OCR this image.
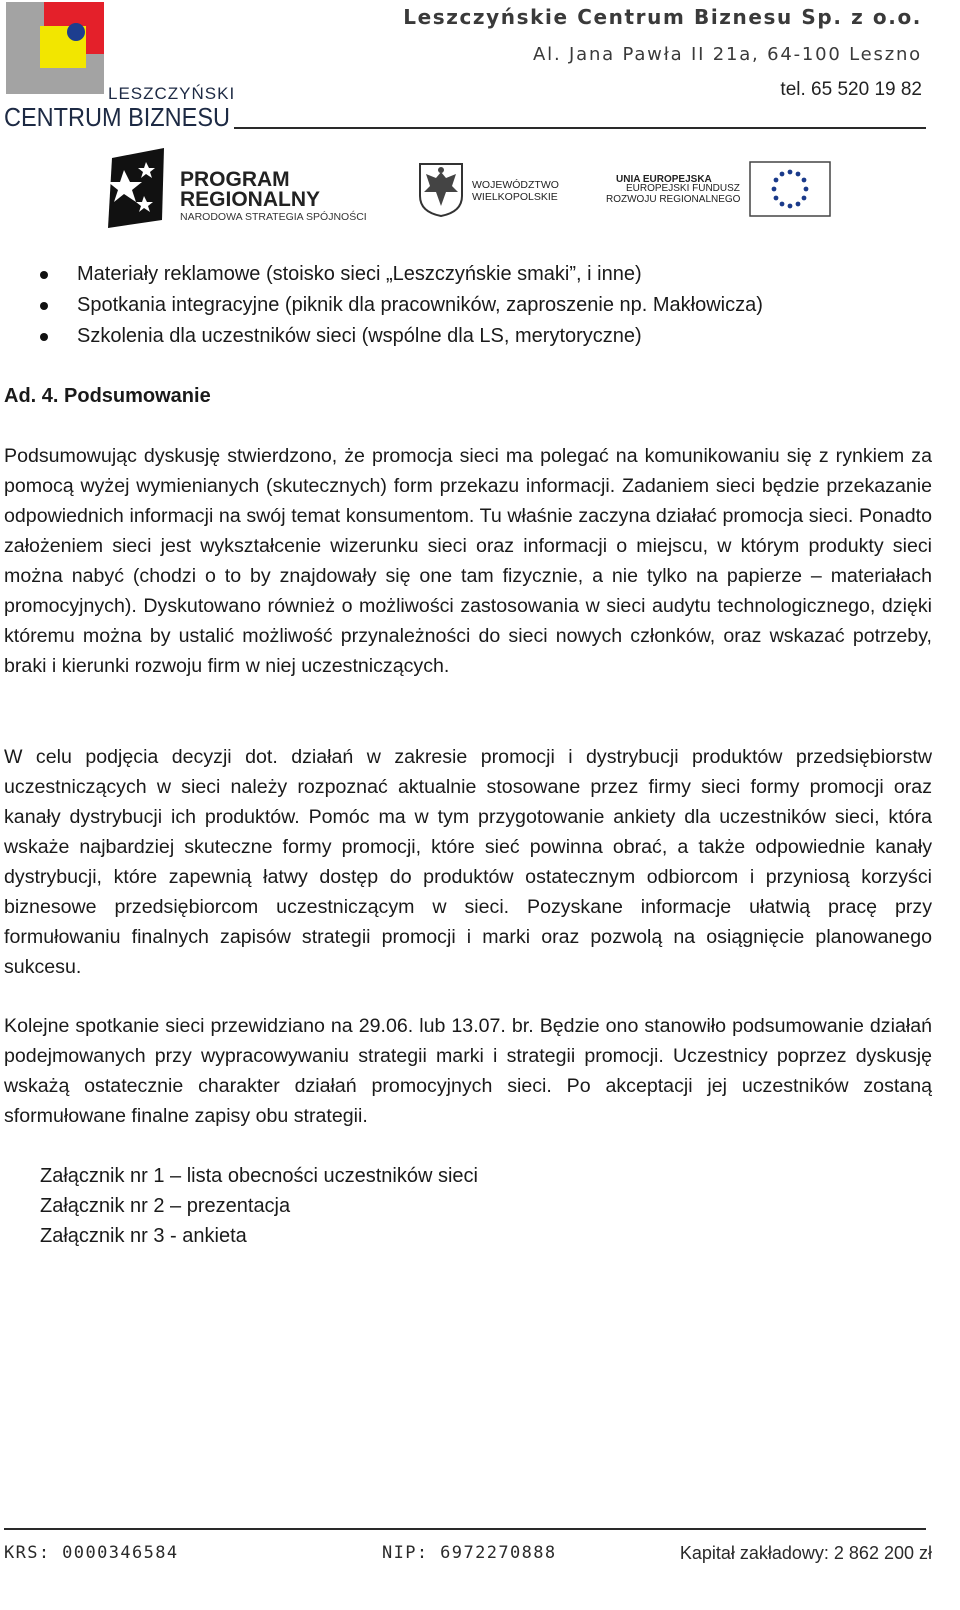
LESZCZYŃSKIE
CENTRUM BIZNESU
Leszczyńskie Centrum Biznesu Sp. z o.o.
Al. Jana Pawła II 21a, 64-100 Leszno
tel. 65 520 19 82
PROGRAM
REGIONALNY
NARODOWA STRATEGIA SPÓJNOŚCI
WOJEWÓDZTWO
WIELKOPOLSKIE
UNIA EUROPEJSKA
EUROPEJSKI FUNDUSZ
ROZWOJU REGIONALNEGO
Materiały reklamowe (stoisko sieci „Leszczyńskie smaki”, i inne)
Spotkania integracyjne (piknik dla pracowników, zaproszenie np. Makłowicza)
Szkolenia dla uczestników sieci (wspólne dla LS, merytoryczne)
Ad. 4. Podsumowanie
Podsumowując dyskusję stwierdzono, że promocja sieci ma polegać na komunikowaniu się z rynkiem za pomocą wyżej wymienianych (skutecznych) form przekazu informacji. Zadaniem sieci będzie przekazanie odpowiednich informacji na swój temat konsumentom. Tu właśnie zaczyna działać promocja sieci. Ponadto założeniem sieci jest wykształcenie wizerunku sieci oraz informacji o miejscu, w którym produkty sieci można nabyć (chodzi o to by znajdowały się one tam fizycznie, a nie tylko na papierze – materiałach promocyjnych). Dyskutowano również o możliwości zastosowania w sieci audytu technologicznego, dzięki któremu można by ustalić możliwość przynależności do sieci nowych członków, oraz wskazać potrzeby, braki i kierunki rozwoju firm w niej uczestniczących.
W celu podjęcia decyzji dot. działań w zakresie promocji i dystrybucji produktów przedsiębiorstw uczestniczących w sieci należy rozpoznać aktualnie stosowane przez firmy sieci formy promocji oraz kanały dystrybucji ich produktów. Pomóc ma w tym przygotowanie ankiety dla uczestników sieci, która wskaże najbardziej skuteczne formy promocji, które sieć powinna obrać, a także odpowiednie kanały dystrybucji, które zapewnią łatwy dostęp do produktów ostatecznym odbiorcom i przyniosą korzyści biznesowe przedsiębiorcom uczestniczącym w sieci. Pozyskane informacje ułatwią pracę przy formułowaniu finalnych zapisów strategii promocji i marki oraz pozwolą na osiągnięcie planowanego sukcesu.
Kolejne spotkanie sieci przewidziano na 29.06. lub 13.07. br. Będzie ono stanowiło podsumowanie działań podejmowanych przy wypracowywaniu strategii marki i strategii promocji. Uczestnicy poprzez dyskusję wskażą ostatecznie charakter działań promocyjnych sieci. Po akceptacji jej uczestników zostaną sformułowane finalne zapisy obu strategii.
Załącznik nr 1 – lista obecności uczestników sieci
Załącznik nr 2 – prezentacja
Załącznik nr 3 - ankieta
KRS: 0000346584	NIP: 6972270888	Kapitał zakładowy: 2 862 200 zł
